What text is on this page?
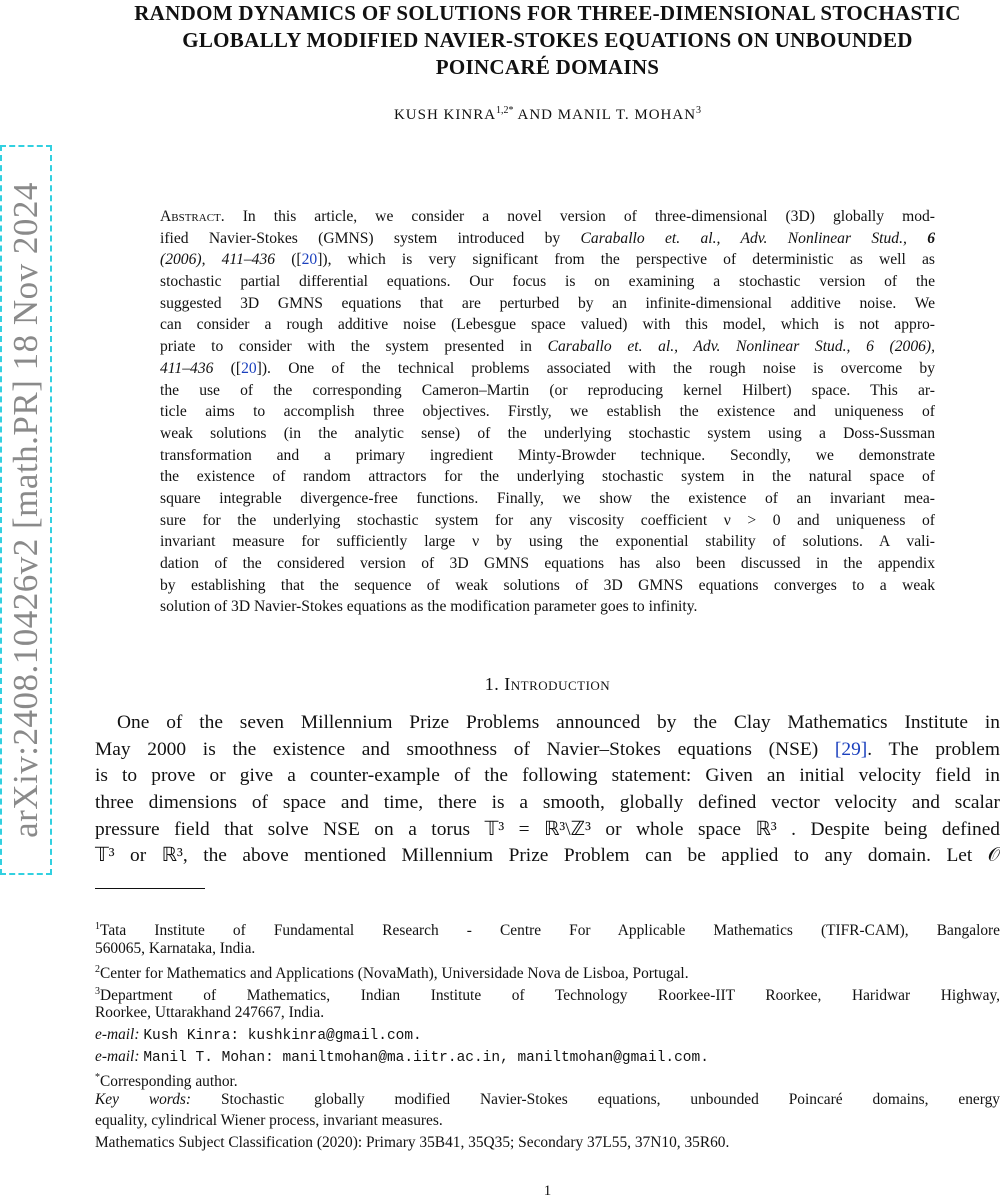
arXiv:2408.10426v2 [math.PR] 18 Nov 2024
RANDOM DYNAMICS OF SOLUTIONS FOR THREE-DIMENSIONAL STOCHASTIC
GLOBALLY MODIFIED NAVIER-STOKES EQUATIONS ON UNBOUNDED
POINCARÉ DOMAINS
KUSH $KINRA^{1,2*}$ AND MANIL T. MOHAN$^3$
Abstract. In this article, we consider a novel version of three-dimensional (3D) globally mod-
ified Navier-Stokes (GMNS) system introduced by Caraballo et. al., Adv. Nonlinear Stud., 6
(2006), 411–436 ([20]), which is very significant from the perspective of deterministic as well as
stochastic partial differential equations. Our focus is on examining a stochastic version of the
suggested 3D GMNS equations that are perturbed by an infinite-dimensional additive noise. We
can consider a rough additive noise (Lebesgue space valued) with this model, which is not appro-
priate to consider with the system presented in Caraballo et. al., Adv. Nonlinear Stud., 6 (2006),
411–436 ([20]). One of the technical problems associated with the rough noise is overcome by
the use of the corresponding Cameron–Martin (or reproducing kernel Hilbert) space. This ar-
ticle aims to accomplish three objectives. Firstly, we establish the existence and uniqueness of
weak solutions (in the analytic sense) of the underlying stochastic system using a Doss-Sussman
transformation and a primary ingredient Minty-Browder technique. Secondly, we demonstrate
the existence of random attractors for the underlying stochastic system in the natural space of
square integrable divergence-free functions. Finally, we show the existence of an invariant mea-
sure for the underlying stochastic system for any viscosity coefficient ν > 0 and uniqueness of
invariant measure for sufficiently large ν by using the exponential stability of solutions. A vali-
dation of the considered version of 3D GMNS equations has also been discussed in the appendix
by establishing that the sequence of weak solutions of 3D GMNS equations converges to a weak
solution of 3D Navier-Stokes equations as the modification parameter goes to infinity.
1. Introduction
One of the seven Millennium Prize Problems announced by the Clay Mathematics Institute in
May 2000 is the existence and smoothness of Navier–Stokes equations (NSE) [29]. The problem
is to prove or give a counter-example of the following statement: Given an initial velocity field in
three dimensions of space and time, there is a smooth, globally defined vector velocity and scalar
pressure field that solve NSE on a torus 𝕋³ = ℝ³\ℤ³ or whole space ℝ³ . Despite being defined
𝕋³ or ℝ³, the above mentioned Millennium Prize Problem can be applied to any domain. Let 𝒪
$^1$Tata Institute of Fundamental Research - Centre For Applicable Mathematics (TIFR-CAM), Bangalore
560065, Karnataka, India.
$^2$Center for Mathematics and Applications (NovaMath), Universidade Nova de Lisboa, Portugal.
$^3$Department of Mathematics, Indian Institute of Technology Roorkee-IIT Roorkee, Haridwar Highway,
Roorkee, Uttarakhand 247667, India.
e-mail: Kush Kinra: kushkinra@gmail.com.
e-mail: Manil T. Mohan: maniltmohan@ma.iitr.ac.in, maniltmohan@gmail.com.
*Corresponding author.
Key words: Stochastic globally modified Navier-Stokes equations, unbounded Poincaré domains, energy
equality, cylindrical Wiener process, invariant measures.
Mathematics Subject Classification (2020): Primary 35B41, 35Q35; Secondary 37L55, 37N10, 35R60.
1
